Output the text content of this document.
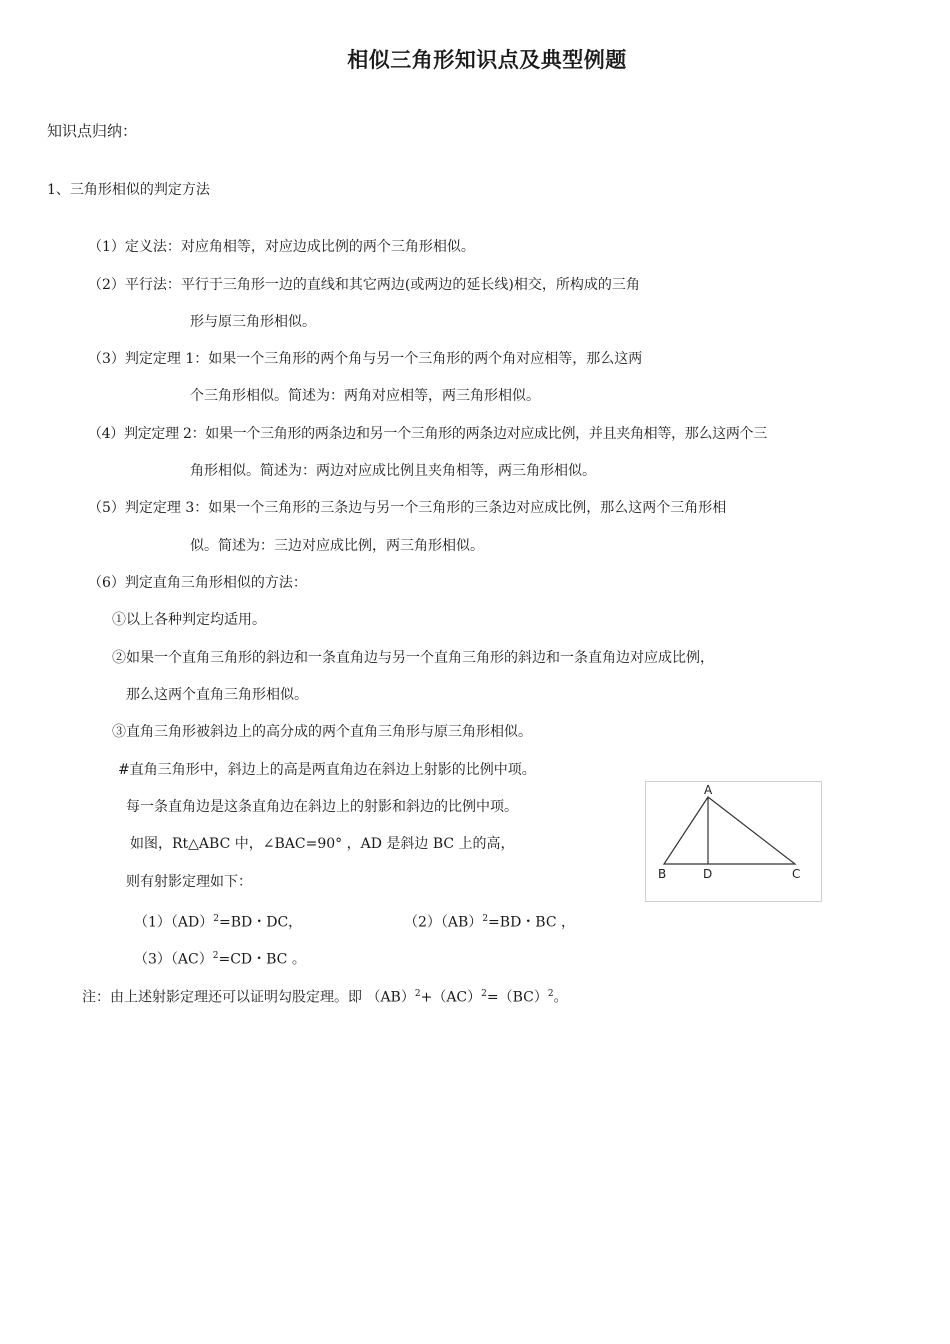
相似三角形知识点及典型例题
知识点归纳：
1、三角形相似的判定方法
（1）定义法：对应角相等，对应边成比例的两个三角形相似。
（2）平行法：平行于三角形一边的直线和其它两边(或两边的延长线)相交，所构成的三角
形与原三角形相似。
（3）判定定理 1：如果一个三角形的两个角与另一个三角形的两个角对应相等，那么这两
个三角形相似。简述为：两角对应相等，两三角形相似。
（4）判定定理 2：如果一个三角形的两条边和另一个三角形的两条边对应成比例，并且夹角相等，那么这两个三
角形相似。简述为：两边对应成比例且夹角相等，两三角形相似。
（5）判定定理 3：如果一个三角形的三条边与另一个三角形的三条边对应成比例，那么这两个三角形相
似。简述为：三边对应成比例，两三角形相似。
（6）判定直角三角形相似的方法：
①以上各种判定均适用。
②如果一个直角三角形的斜边和一条直角边与另一个直角三角形的斜边和一条直角边对应成比例，
那么这两个直角三角形相似。
③直角三角形被斜边上的高分成的两个直角三角形与原三角形相似。
#直角三角形中，斜边上的高是两直角边在斜边上射影的比例中项。
每一条直角边是这条直角边在斜边上的射影和斜边的比例中项。
如图，Rt△ABC 中，∠BAC=90° ，AD 是斜边 BC 上的高，
则有射影定理如下：
（1）（AD）$^2$=BD・DC，	（2）（AB）$^2$=BD・BC ，
（3）（AC）$^2$=CD・BC 。
注：由上述射影定理还可以证明勾股定理。即 （AB）$^2$+（AC）$^2$=（BC）$^2$。
A
B	D	C
